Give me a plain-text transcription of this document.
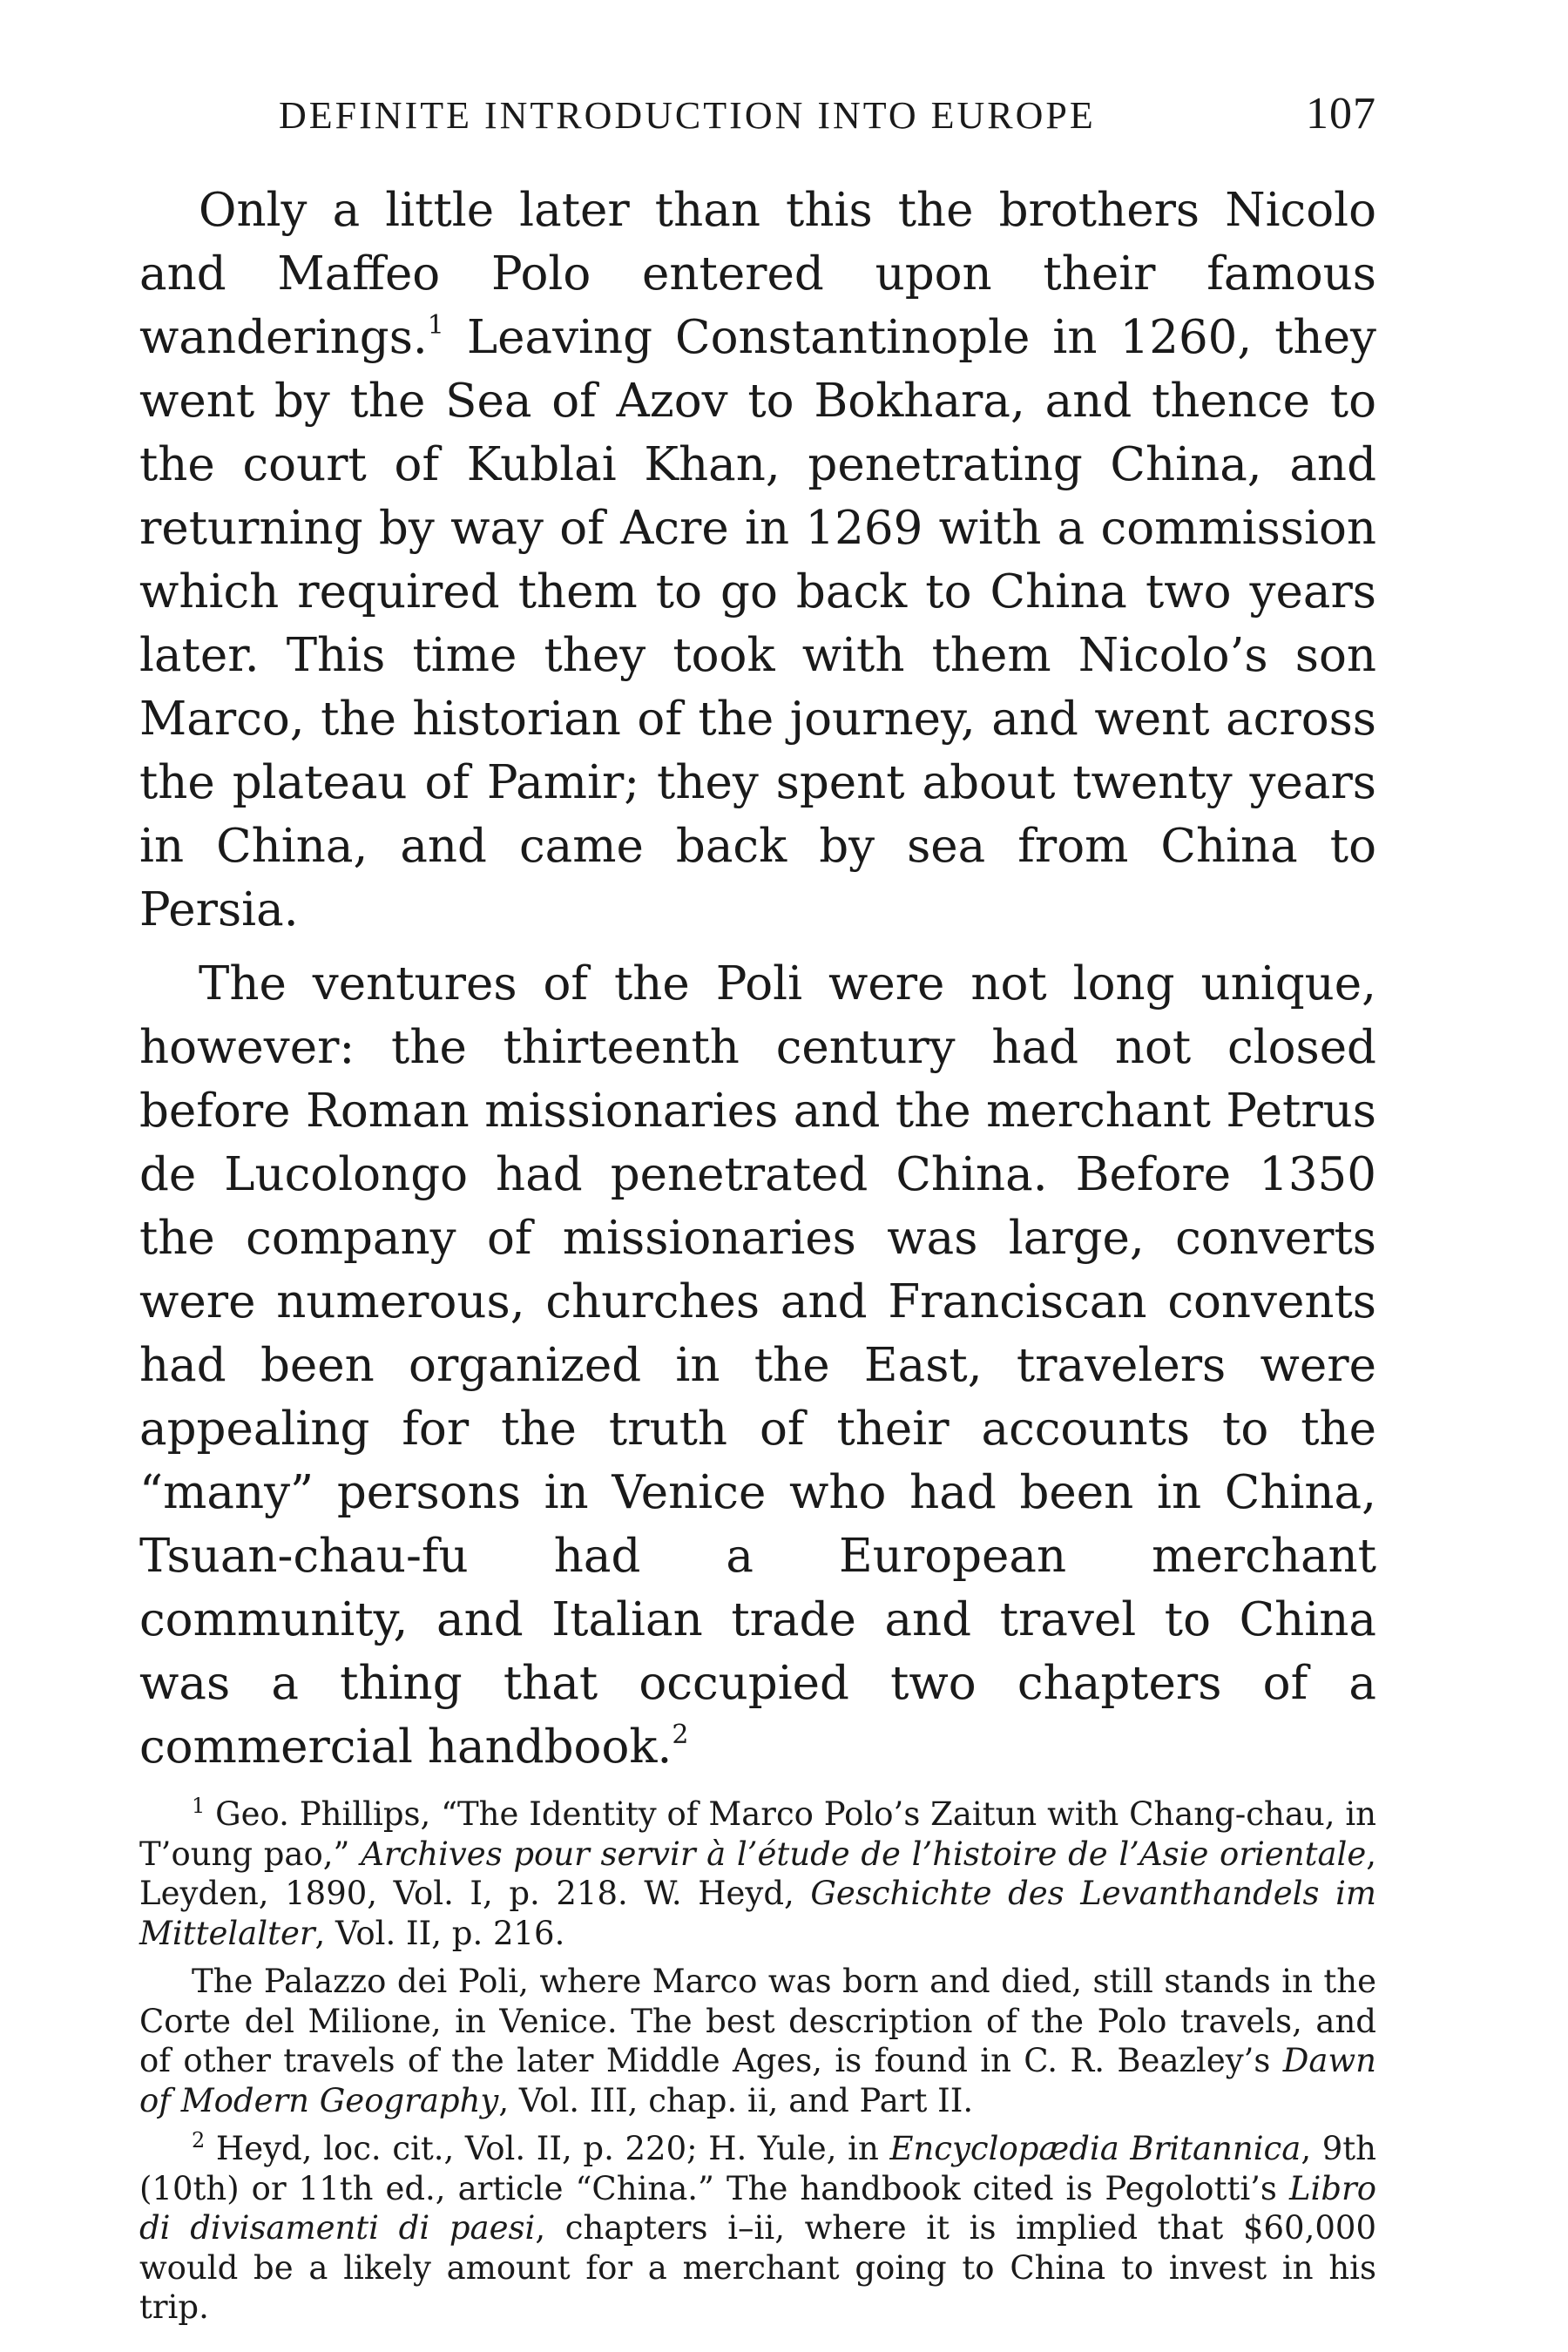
DEFINITE INTRODUCTION INTO EUROPE	107

Only a little later than this the brothers Nicolo and Maffeo Polo entered upon their famous wanderings.$^1$ Leaving Constantinople in 1260, they went by the Sea of Azov to Bokhara, and thence to the court of Kublai Khan, penetrating China, and returning by way of Acre in 1269 with a commission which required them to go back to China two years later. This time they took with them Nicolo’s son Marco, the historian of the journey, and went across the plateau of Pamir; they spent about twenty years in China, and came back by sea from China to Persia.

The ventures of the Poli were not long unique, however: the thirteenth century had not closed before Roman missionaries and the merchant Petrus de Lucolongo had penetrated China. Before 1350 the company of missionaries was large, converts were numerous, churches and Franciscan convents had been organized in the East, travelers were appealing for the truth of their accounts to the “many” persons in Venice who had been in China, Tsuan-chau-fu had a European merchant community, and Italian trade and travel to China was a thing that occupied two chapters of a commercial handbook.$^2$

$^1$ Geo. Phillips, “The Identity of Marco Polo’s Zaitun with Chang-chau, in T’oung pao,” Archives pour servir à l’étude de l’histoire de l’Asie orientale, Leyden, 1890, Vol. I, p. 218. W. Heyd, Geschichte des Levanthandels im Mittelalter, Vol. II, p. 216.

The Palazzo dei Poli, where Marco was born and died, still stands in the Corte del Milione, in Venice. The best description of the Polo travels, and of other travels of the later Middle Ages, is found in C. R. Beazley’s Dawn of Modern Geography, Vol. III, chap. ii, and Part II.

$^2$ Heyd, loc. cit., Vol. II, p. 220; H. Yule, in Encyclopædia Britannica, 9th (10th) or 11th ed., article “China.” The handbook cited is Pegolotti’s Libro di divisamenti di paesi, chapters i–ii, where it is implied that $60,000 would be a likely amount for a merchant going to China to invest in his trip.
